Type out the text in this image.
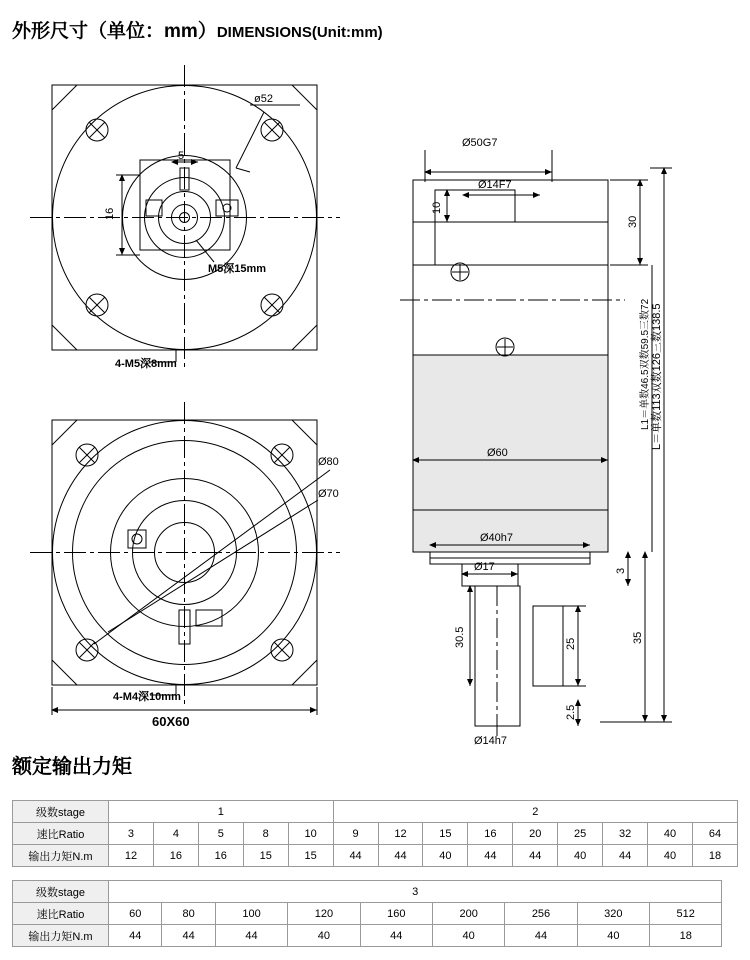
外形尺寸（单位：mm）DIMENSIONS(Unit:mm)
ø52
5
16
M5深15mm
4-M5深8mm
Ø80
Ø70
4-M4深10mm
60X60
Ø50G7
Ø14F7
10
30
L＝单数113双数126三数138.5
L1＝单数46.5双数59.5三数72
Ø60
Ø40h7
Ø17
30.5	25
3
35
2.5
Ø14h7
额定输出力矩
级数stage	1					2								
速比Ratio	3	4	5	8	10	9	12	15	16	20	25	32	40	64
输出力矩N.m	12	16	16	15	15	44	44	40	44	44	40	44	40	18
级数stage	3									
速比Ratio	60	80	100	120	160	200	256	320	512	
输出力矩N.m	44	44	44	40	44	40	44	40	18	
